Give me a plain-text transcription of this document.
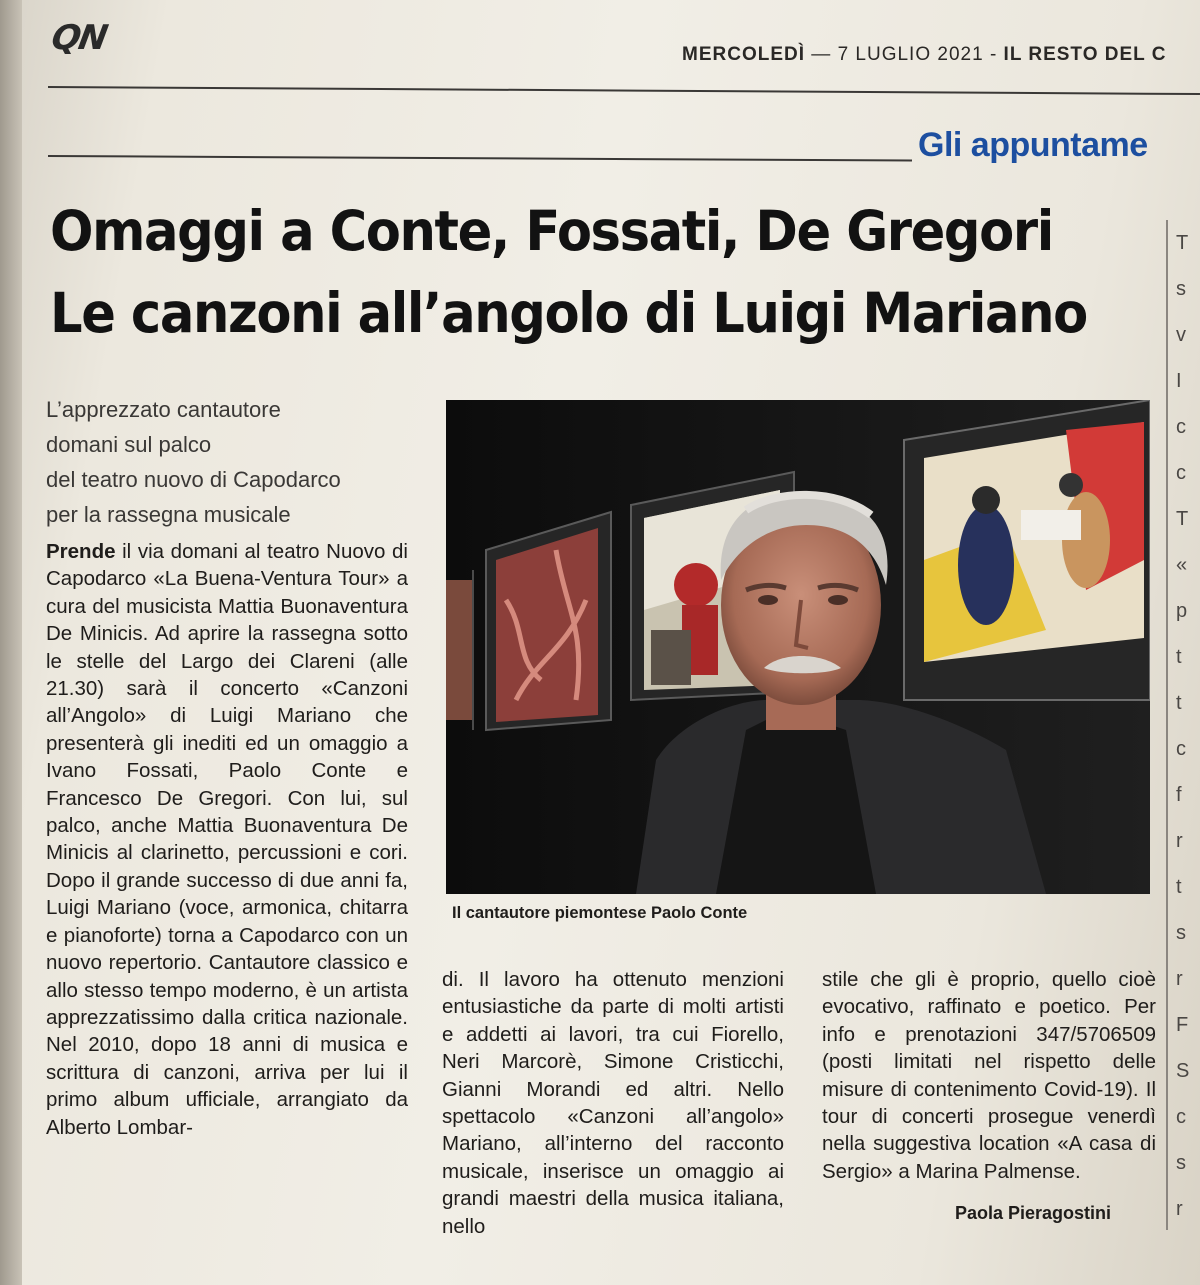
QN	MERCOLEDÌ — 7 LUGLIO 2021 - IL RESTO DEL C
Gli appuntame
Omaggi a Conte, Fossati, De Gregori
Le canzoni all’angolo di Luigi Mariano
L’apprezzato cantautore
domani sul palco
del teatro nuovo di Capodarco
per la rassegna musicale

Prende il via domani al teatro Nuovo di Capodarco «La Buena-Ventura Tour» a cura del musicista Mattia Buonaventura De Minicis. Ad aprire la rassegna sotto le stelle del Largo dei Clareni (alle 21.30) sarà il concerto «Canzoni all’Angolo» di Luigi Mariano che presenterà gli inediti ed un omaggio a Ivano Fossati, Paolo Conte e Francesco De Gregori. Con lui, sul palco, anche Mattia Buonaventura De Minicis al clarinetto, percussioni e cori. Dopo il grande successo di due anni fa, Luigi Mariano (voce, armonica, chitarra e pianoforte) torna a Capodarco con un nuovo repertorio. Cantautore classico e allo stesso tempo moderno, è un artista apprezzatissimo dalla critica nazionale. Nel 2010, dopo 18 anni di musica e scrittura di canzoni, arriva per lui il primo album ufficiale, arrangiato da Alberto Lombar-

Il cantautore piemontese Paolo Conte

di. Il lavoro ha ottenuto menzioni entusiastiche da parte di molti artisti e addetti ai lavori, tra cui Fiorello, Neri Marcorè, Simone Cristicchi, Gianni Morandi ed altri. Nello spettacolo «Canzoni all’angolo» Mariano, all’interno del racconto musicale, inserisce un omaggio ai grandi maestri della musica italiana, nello

stile che gli è proprio, quello cioè evocativo, raffinato e poetico. Per info e prenotazioni 347/5706509 (posti limitati nel rispetto delle misure di contenimento Covid-19). Il tour di concerti prosegue venerdì nella suggestiva location «A casa di Sergio» a Marina Palmense.

Paola Pieragostini
T
s
v
I
c
c
T
«
p
t
t
c
f
r
t
s
r
F
S
c
s
r
